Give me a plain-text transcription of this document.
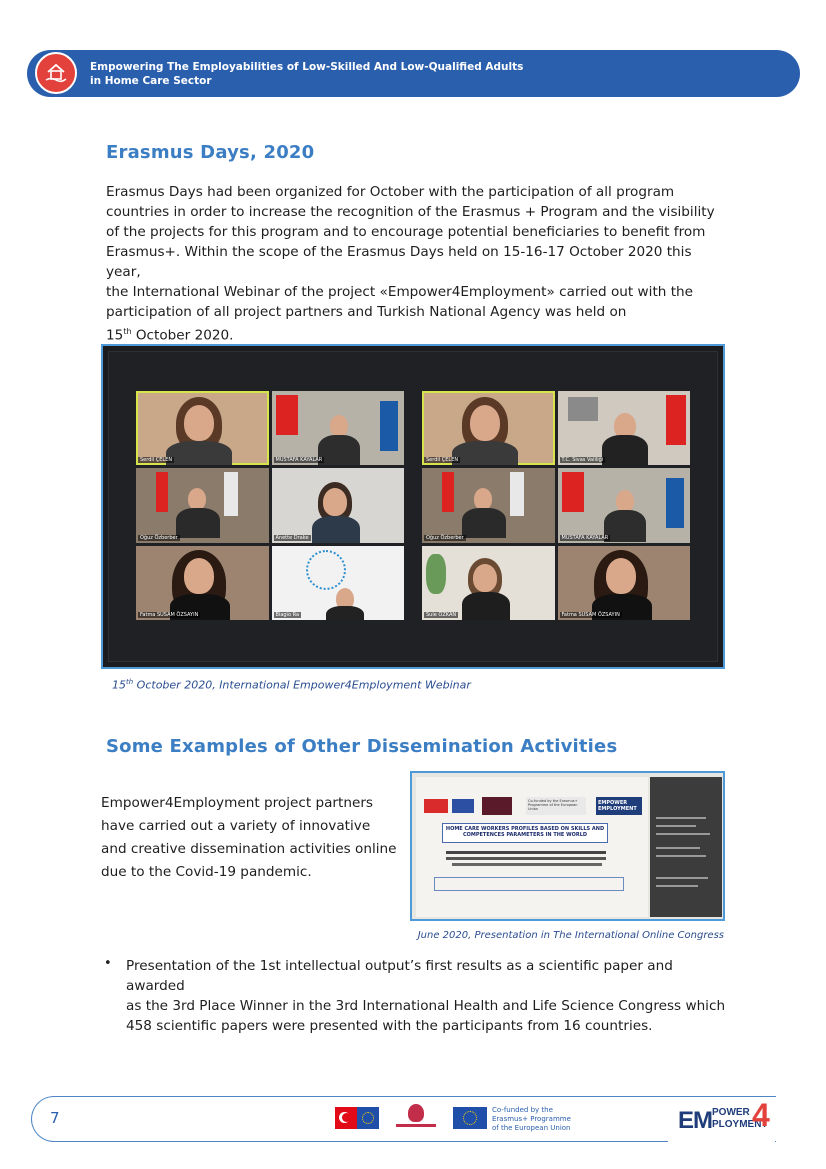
Empowering The Employabilities of Low-Skilled And Low-Qualified Adults
in Home Care Sector
Erasmus Days, 2020
Erasmus Days had been organized for October with the participation of all program
countries in order to increase the recognition of the Erasmus + Program and the visibility
of the projects for this program and to encourage potential beneficiaries to benefit from
Erasmus+. Within the scope of the Erasmus Days held on 15-16-17 October 2020 this year,
the International Webinar of the project «Empower4Employment» carried out with the
participation of all project partners and Turkish National Agency was held on
15th October 2020.
Serdil ÇELEN	MUSTAFA KAYALAR
Oğuz Özberber	Anette Drake
Fatma SUSAM ÖZSAYIN	Biagio Ra
Serdil ÇELEN	T.C. Sivas Valiliği
Oğuz Özberber	MUSTAFA KAYALAR
Sule ÖZKAN	Fatma SUSAM ÖZSAYIN
15th October 2020, International Empower4Employment Webinar
Some Examples of Other Dissemination Activities
Empower4Employment project partners
have carried out a variety of innovative
and creative dissemination activities online
due to the Covid-19 pandemic.
Co-funded by the Erasmus+ Programme of the European Union
EMPOWER EMPLOYMENT
HOME CARE WORKERS PROFILES BASED ON SKILLS AND COMPETENCES PARAMETERS IN THE WORLD
June 2020, Presentation in The International Online Congress
• Presentation of the 1st intellectual output’s first results as a scientific paper and awarded
as the 3rd Place Winner in the 3rd International Health and Life Science Congress which
458 scientific papers were presented with the participants from 16 countries.
7	Co-funded by the
Erasmus+ Programme
of the European Union	EM POWER
PLOYMENT
4
